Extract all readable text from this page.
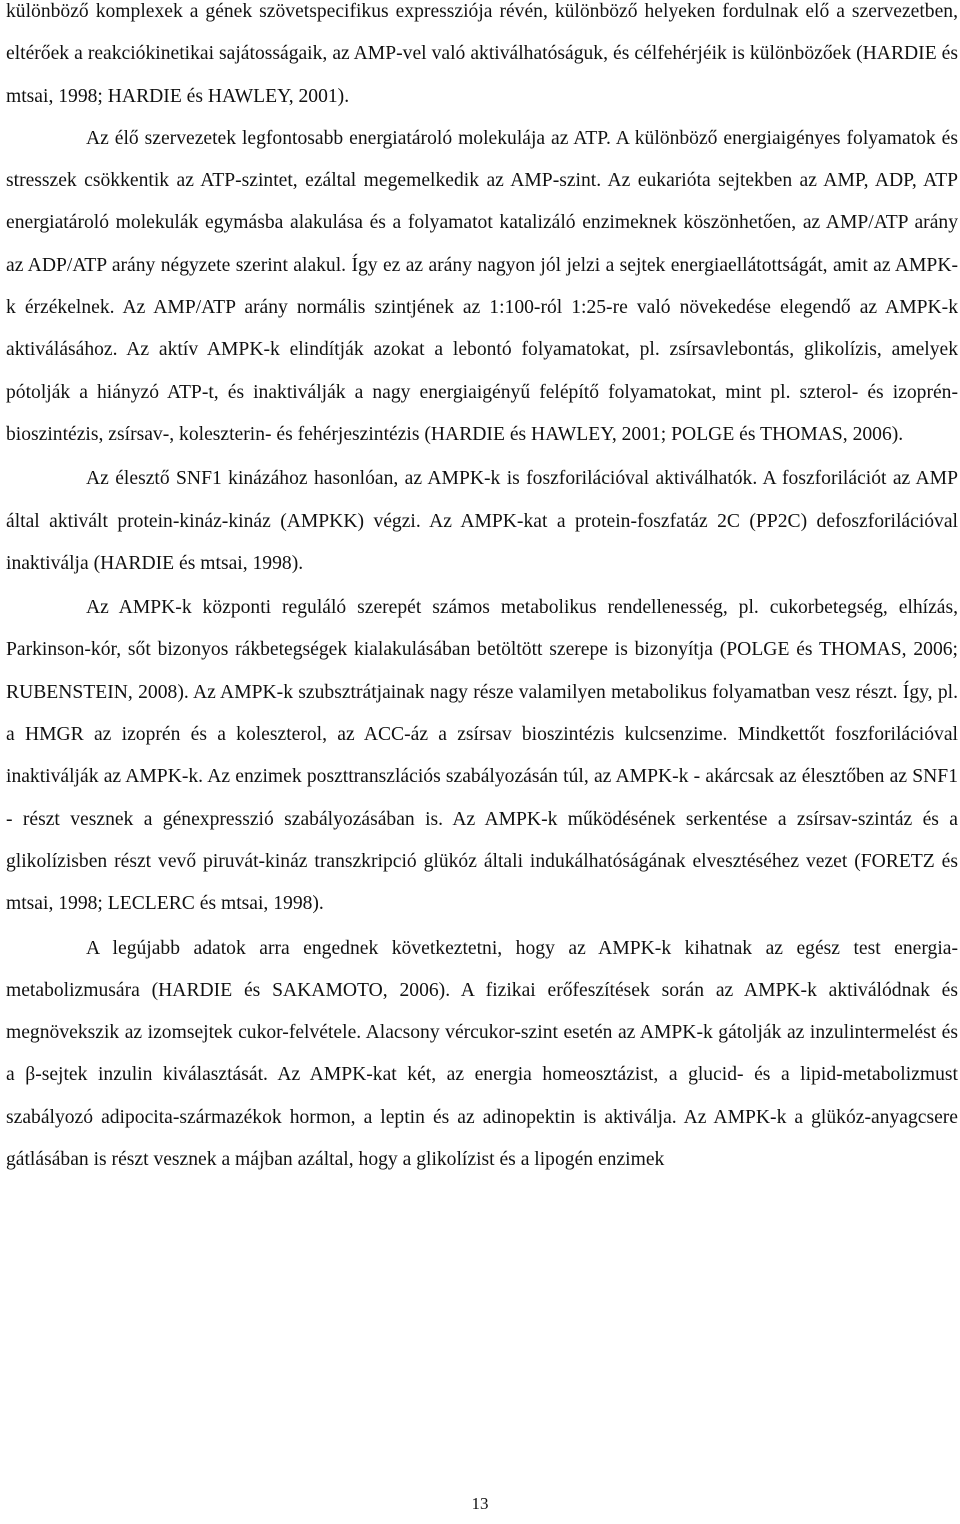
különböző komplexek a gének szövetspecifikus expressziója révén, különböző helyeken fordulnak elő a szervezetben, eltérőek a reakciókinetikai sajátosságaik, az AMP-vel való aktiválhatóságuk, és célfehérjéik is különbözőek (HARDIE és mtsai, 1998; HARDIE és HAWLEY, 2001).

Az élő szervezetek legfontosabb energiatároló molekulája az ATP. A különböző energiaigényes folyamatok és stresszek csökkentik az ATP-szintet, ezáltal megemelkedik az AMP-szint. Az eukarióta sejtekben az AMP, ADP, ATP energiatároló molekulák egymásba alakulása és a folyamatot katalizáló enzimeknek köszönhetően, az AMP/ATP arány az ADP/ATP arány négyzete szerint alakul. Így ez az arány nagyon jól jelzi a sejtek energiaellátottságát, amit az AMPK-k érzékelnek. Az AMP/ATP arány normális szintjének az 1:100-ról 1:25-re való növekedése elegendő az AMPK-k aktiválásához. Az aktív AMPK-k elindítják azokat a lebontó folyamatokat, pl. zsírsavlebontás, glikolízis, amelyek pótolják a hiányzó ATP-t, és inaktiválják a nagy energiaigényű felépítő folyamatokat, mint pl. szterol- és izoprén-bioszintézis, zsírsav-, koleszterin- és fehérjeszintézis (HARDIE és HAWLEY, 2001; POLGE és THOMAS, 2006).

Az élesztő SNF1 kinázához hasonlóan, az AMPK-k is foszforilációval aktiválhatók. A foszforilációt az AMP által aktivált protein-kináz-kináz (AMPKK) végzi. Az AMPK-kat a protein-foszfatáz 2C (PP2C) defoszforilációval inaktiválja (HARDIE és mtsai, 1998).

Az AMPK-k központi reguláló szerepét számos metabolikus rendellenesség, pl. cukorbetegség, elhízás, Parkinson-kór, sőt bizonyos rákbetegségek kialakulásában betöltött szerepe is bizonyítja (POLGE és THOMAS, 2006; RUBENSTEIN, 2008). Az AMPK-k szubsztrátjainak nagy része valamilyen metabolikus folyamatban vesz részt. Így, pl. a HMGR az izoprén és a koleszterol, az ACC-áz a zsírsav bioszintézis kulcsenzime. Mindkettőt foszforilációval inaktiválják az AMPK-k. Az enzimek poszttranszlációs szabályozásán túl, az AMPK-k - akárcsak az élesztőben az SNF1 - részt vesznek a génexpresszió szabályozásában is. Az AMPK-k működésének serkentése a zsírsav-szintáz és a glikolízisben részt vevő piruvát-kináz transzkripció glükóz általi indukálhatóságának elvesztéséhez vezet (FORETZ és mtsai, 1998; LECLERC és mtsai, 1998).

A legújabb adatok arra engednek következtetni, hogy az AMPK-k kihatnak az egész test energia-metabolizmusára (HARDIE és SAKAMOTO, 2006). A fizikai erőfeszítések során az AMPK-k aktiválódnak és megnövekszik az izomsejtek cukor-felvétele. Alacsony vércukor-szint esetén az AMPK-k gátolják az inzulintermelést és a β-sejtek inzulin kiválasztását. Az AMPK-kat két, az energia homeosztázist, a glucid- és a lipid-metabolizmust szabályozó adipocita-származékok hormon, a leptin és az adinopektin is aktiválja. Az AMPK-k a glükóz-anyagcsere gátlásában is részt vesznek a májban azáltal, hogy a glikolízist és a lipogén enzimek

13
